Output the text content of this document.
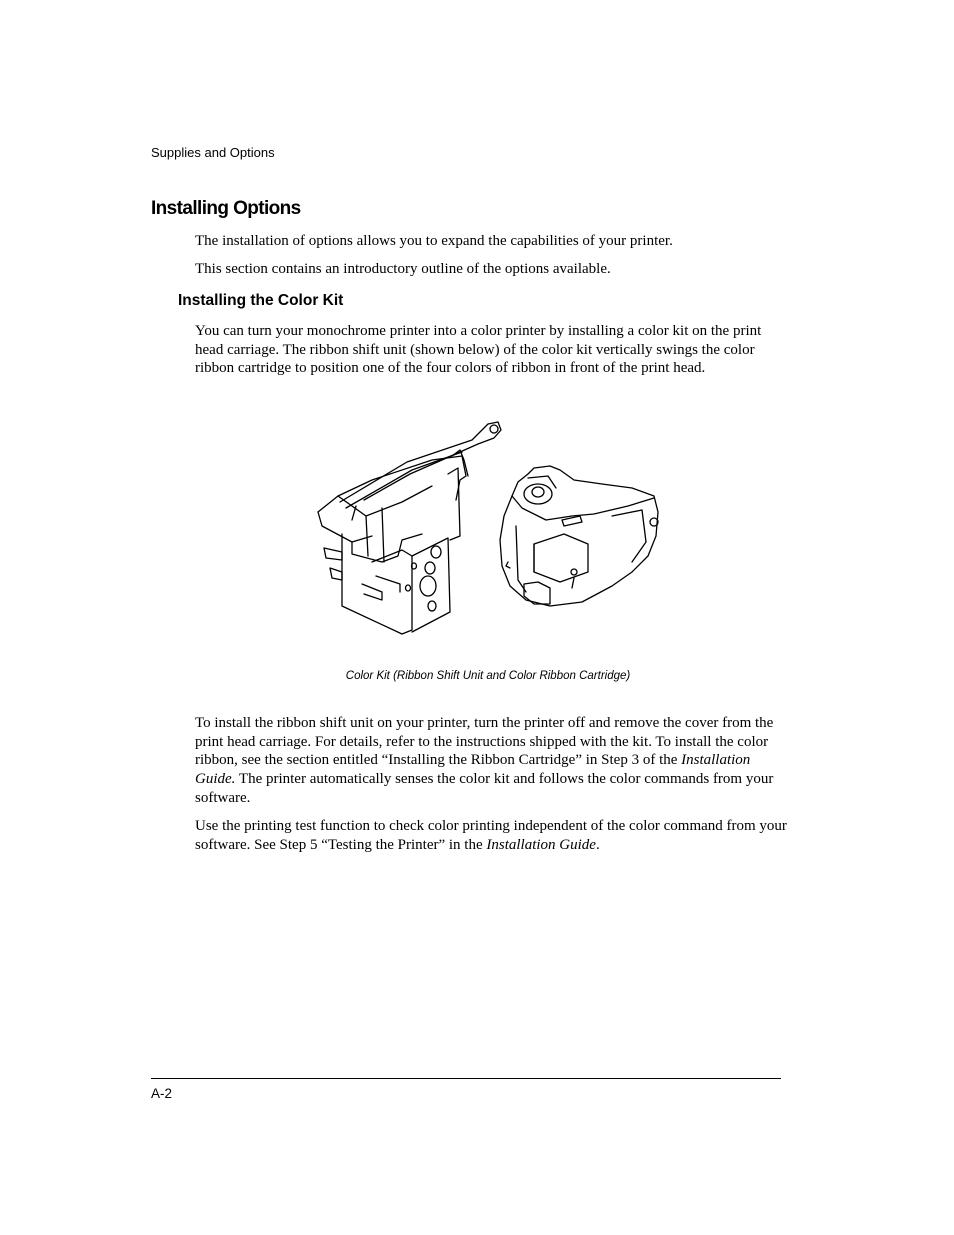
Supplies and Options
Installing Options

The installation of options allows you to expand the capabilities of your printer.

This section contains an introductory outline of the options available.

Installing the Color Kit

You can turn your monochrome printer into a color printer by installing a color kit on the print head carriage. The ribbon shift unit (shown below) of the color kit vertically swings the color ribbon cartridge to position one of the four colors of ribbon in front of the print head.

Color Kit (Ribbon Shift Unit and Color Ribbon Cartridge)

To install the ribbon shift unit on your printer, turn the printer off and remove the cover from the print head carriage. For details, refer to the instructions shipped with the kit. To install the color ribbon, see the section entitled “Installing the Ribbon Cartridge” in Step 3 of the Installation Guide. The printer automatically senses the color kit and follows the color commands from your software.

Use the printing test function to check color printing independent of the color command from your software. See Step 5 “Testing the Printer” in the Installation Guide.

A-2
